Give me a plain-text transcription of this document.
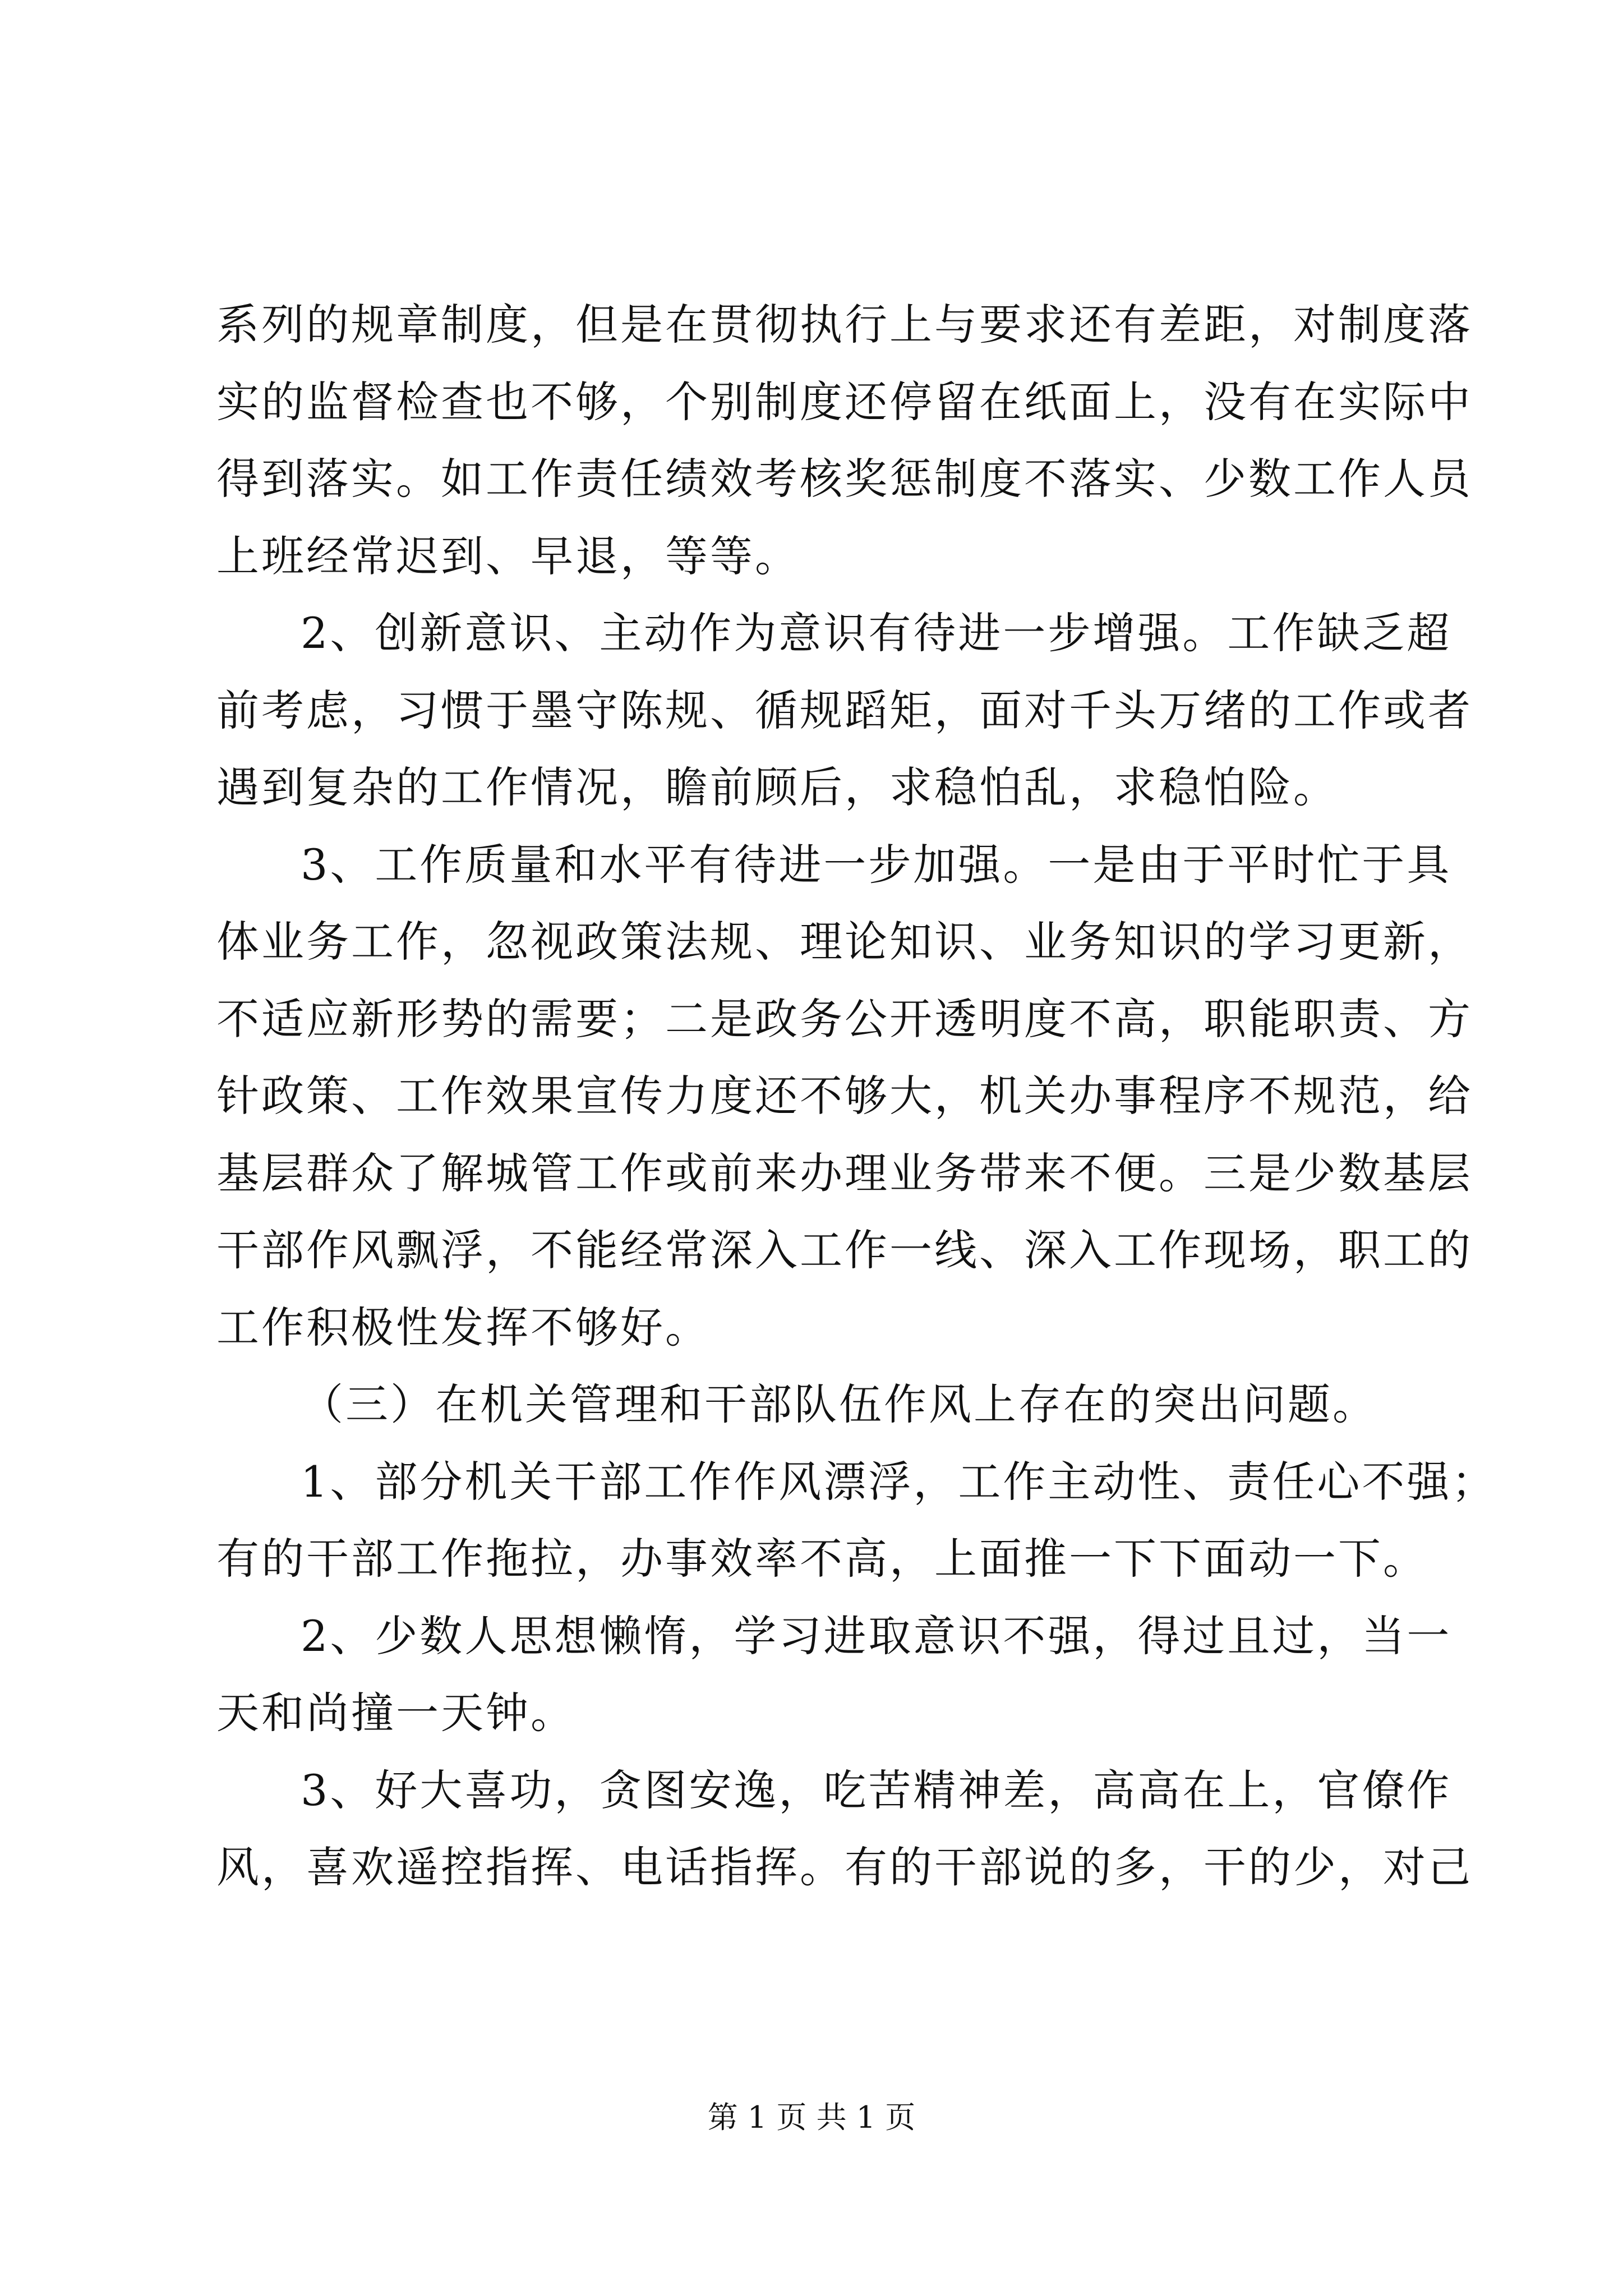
系列的规章制度，但是在贯彻执行上与要求还有差距，对制度落
实的监督检查也不够，个别制度还停留在纸面上，没有在实际中
得到落实。如工作责任绩效考核奖惩制度不落实、少数工作人员
上班经常迟到、早退，等等。
2、创新意识、主动作为意识有待进一步增强。工作缺乏超
前考虑，习惯于墨守陈规、循规蹈矩，面对千头万绪的工作或者
遇到复杂的工作情况，瞻前顾后，求稳怕乱，求稳怕险。
3、工作质量和水平有待进一步加强。一是由于平时忙于具
体业务工作，忽视政策法规、理论知识、业务知识的学习更新，
不适应新形势的需要；二是政务公开透明度不高，职能职责、方
针政策、工作效果宣传力度还不够大，机关办事程序不规范，给
基层群众了解城管工作或前来办理业务带来不便。三是少数基层
干部作风飘浮，不能经常深入工作一线、深入工作现场，职工的
工作积极性发挥不够好。
（三）在机关管理和干部队伍作风上存在的突出问题。
1、部分机关干部工作作风漂浮，工作主动性、责任心不强；
有的干部工作拖拉，办事效率不高，上面推一下下面动一下。
2、少数人思想懒惰，学习进取意识不强，得过且过，当一
天和尚撞一天钟。
3、好大喜功，贪图安逸，吃苦精神差，高高在上，官僚作
风，喜欢遥控指挥、电话指挥。有的干部说的多，干的少，对己
第 1 页 共 1 页
